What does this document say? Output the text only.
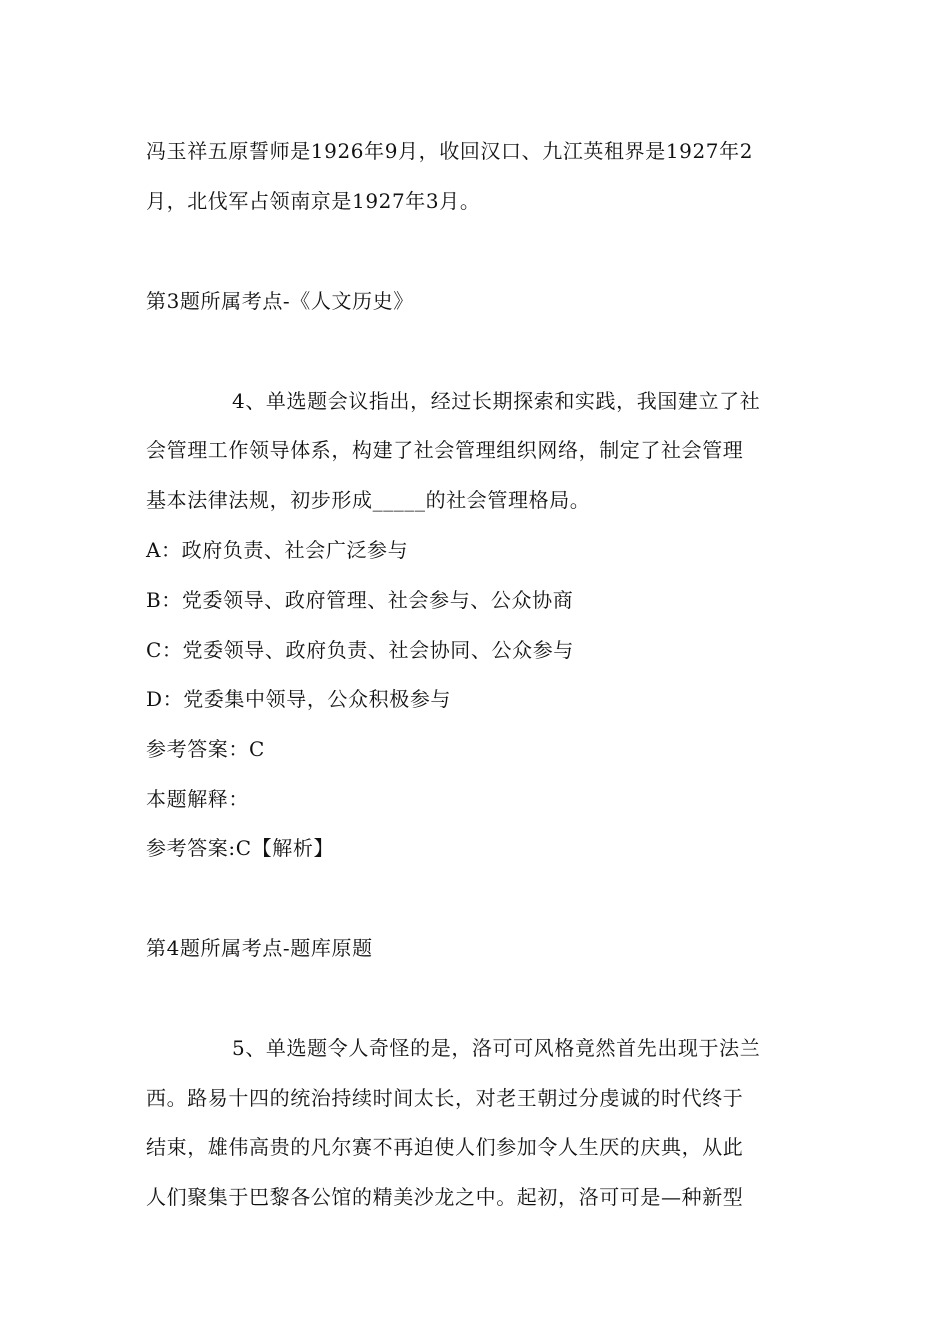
冯玉祥五原誓师是1926年9月，收回汉口、九江英租界是1927年2
月，北伐军占领南京是1927年3月。
第3题所属考点-《人文历史》
4、单选题会议指出，经过长期探索和实践，我国建立了社
会管理工作领导体系，构建了社会管理组织网络，制定了社会管理
基本法律法规，初步形成_____的社会管理格局。
A：政府负责、社会广泛参与
B：党委领导、政府管理、社会参与、公众协商
C：党委领导、政府负责、社会协同、公众参与
D：党委集中领导，公众积极参与
参考答案：C
本题解释：
参考答案:C【解析】
第4题所属考点-题库原题
5、单选题令人奇怪的是，洛可可风格竟然首先出现于法兰
西。路易十四的统治持续时间太长，对老王朝过分虔诚的时代终于
结束，雄伟高贵的凡尔赛不再迫使人们参加令人生厌的庆典，从此
人们聚集于巴黎各公馆的精美沙龙之中。起初，洛可可是—种新型
